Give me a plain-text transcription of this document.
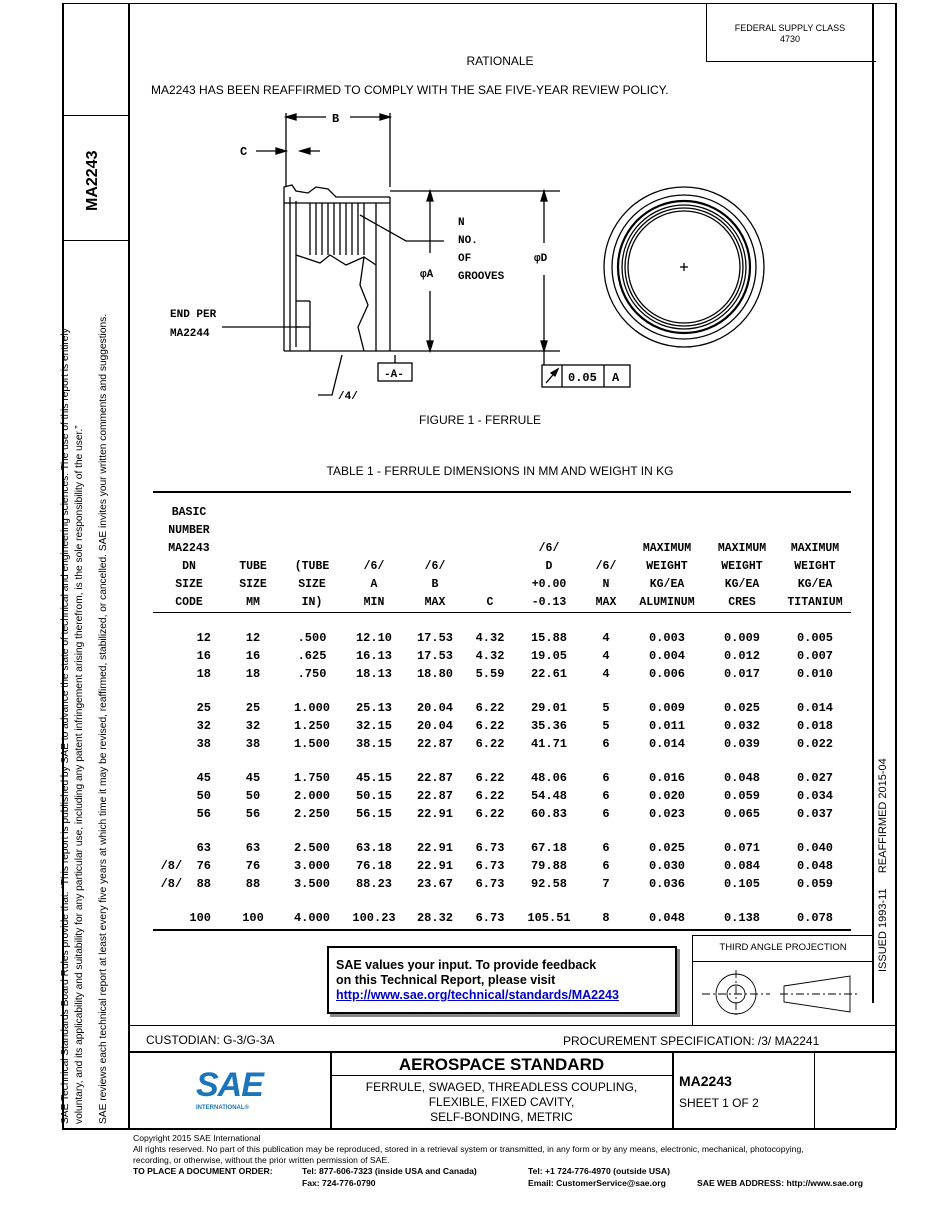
FEDERAL SUPPLY CLASS
4730
MA2243
SAE Technical Standards Board Rules provide that: “This report is published by SAE to advance the state of technical and engineering sciences. The use of this report is entirely voluntary, and its applicability and suitability for any particular use, including any patent infringement arising therefrom, is the sole responsibility of the user.” SAE reviews each technical report at least every five years at which time it may be revised, reaffirmed, stabilized, or cancelled. SAE invites your written comments and suggestions.	ISSUED 1993-11     REAFFIRMED 2015-04
RATIONALE
MA2243 HAS BEEN REAFFIRMED TO COMPLY WITH THE SAE FIVE-YEAR REVIEW POLICY.
B
C
N
NO.
OF
GROOVES
φA
φD
END PER
MA2244
-A-
/4/
0.05 A
FIGURE 1 - FERRULE
TABLE 1 - FERRULE DIMENSIONS IN MM AND WEIGHT IN KG
BASIC										
NUMBER										
MA2243						/6/		MAXIMUM	MAXIMUM	MAXIMUM
DN	TUBE	(TUBE	/6/	/6/		D	/6/	WEIGHT	WEIGHT	WEIGHT
SIZE	SIZE	SIZE	A	B		+0.00	N	KG/EA	KG/EA	KG/EA
CODE	MM	IN)	MIN	MAX	C	-0.13	MAX	ALUMINUM	CRES	TITANIUM

12	12	.500	12.10	17.53	4.32	15.88	4	0.003	0.009	0.005
16	16	.625	16.13	17.53	4.32	19.05	4	0.004	0.012	0.007
18	18	.750	18.13	18.80	5.59	22.61	4	0.006	0.017	0.010

25	25	1.000	25.13	20.04	6.22	29.01	5	0.009	0.025	0.014
32	32	1.250	32.15	20.04	6.22	35.36	5	0.011	0.032	0.018
38	38	1.500	38.15	22.87	6.22	41.71	6	0.014	0.039	0.022

45	45	1.750	45.15	22.87	6.22	48.06	6	0.016	0.048	0.027
50	50	2.000	50.15	22.87	6.22	54.48	6	0.020	0.059	0.034
56	56	2.250	56.15	22.91	6.22	60.83	6	0.023	0.065	0.037

63	63	2.500	63.18	22.91	6.73	67.18	6	0.025	0.071	0.040
/8/  76	76	3.000	76.18	22.91	6.73	79.88	6	0.030	0.084	0.048
/8/  88	88	3.500	88.23	23.67	6.73	92.58	7	0.036	0.105	0.059

100	100	4.000	100.23	28.32	6.73	105.51	8	0.048	0.138	0.078
SAE values your input. To provide feedback
on this Technical Report, please visit
http://www.sae.org/technical/standards/MA2243
THIRD ANGLE PROJECTION
CUSTODIAN: G-3/G-3A	PROCUREMENT SPECIFICATION: /3/ MA2241
SAE
INTERNATIONAL®
AEROSPACE STANDARD
FERRULE, SWAGED, THREADLESS COUPLING,
FLEXIBLE, FIXED CAVITY,
SELF-BONDING, METRIC
MA2243
SHEET 1 OF 2
Copyright 2015 SAE International
All rights reserved. No part of this publication may be reproduced, stored in a retrieval system or transmitted, in any form or by any means, electronic, mechanical, photocopying,
recording, or otherwise, without the prior written permission of SAE.
TO PLACE A DOCUMENT ORDER:	Tel: 877-606-7323 (inside USA and Canada)
Fax: 724-776-0790
Tel: +1 724-776-4970 (outside USA)
Email: CustomerService@sae.org	SAE WEB ADDRESS: http://www.sae.org
